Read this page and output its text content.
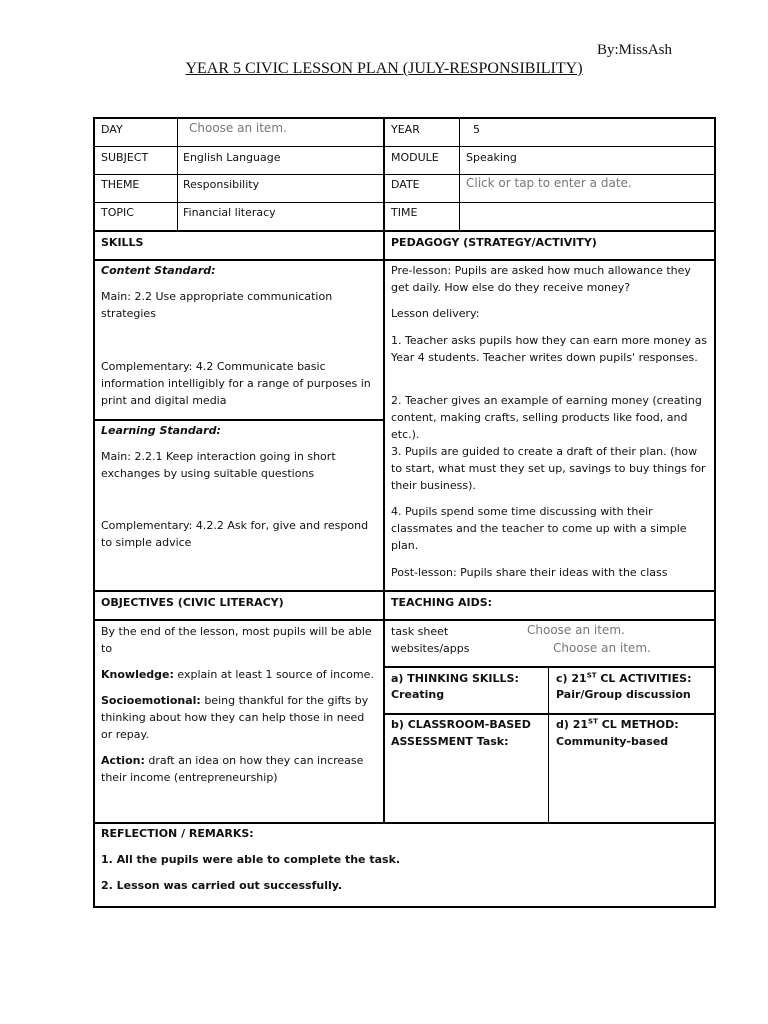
By:MissAsh
YEAR 5 CIVIC LESSON PLAN (JULY-RESPONSIBILITY)
DAY	Choose an item.	YEAR	5
SUBJECT	English Language	MODULE Speaking
THEME	Responsibility	DATE	Click or tap to enter a date.
TOPIC	Financial literacy	TIME
SKILLS	PEDAGOGY (STRATEGY/ACTIVITY)
Content Standard:
Main: 2.2 Use appropriate communication strategies
Complementary: 4.2 Communicate basic information intelligibly for a range of purposes in print and digital media
Learning Standard:
Main: 2.2.1 Keep interaction going in short exchanges by using suitable questions
Complementary: 4.2.2 Ask for, give and respond to simple advice
Pre-lesson: Pupils are asked how much allowance they get daily. How else do they receive money?
Lesson delivery:
1. Teacher asks pupils how they can earn more money as Year 4 students. Teacher writes down pupils' responses.
2. Teacher gives an example of earning money (creating content, making crafts, selling products like food, and etc.).
3. Pupils are guided to create a draft of their plan. (how to start, what must they set up, savings to buy things for their business).
4. Pupils spend some time discussing with their classmates and the teacher to come up with a simple plan.
Post-lesson: Pupils share their ideas with the class
OBJECTIVES (CIVIC LITERACY)	TEACHING AIDS:
By the end of the lesson, most pupils will be able to
Knowledge: explain at least 1 source of income.
Socioemotional: being thankful for the gifts by thinking about how they can help those in need or repay.
Action: draft an idea on how they can increase their income (entrepreneurship)
task sheet	Choose an item.
websites/apps	Choose an item.
a) THINKING SKILLS:
Creating
c) 21ST CL ACTIVITIES:
Pair/Group discussion
b) CLASSROOM-BASED ASSESSMENT Task:
d) 21ST CL METHOD:
Community-based
REFLECTION / REMARKS:
1. All the pupils were able to complete the task.
2. Lesson was carried out successfully.
